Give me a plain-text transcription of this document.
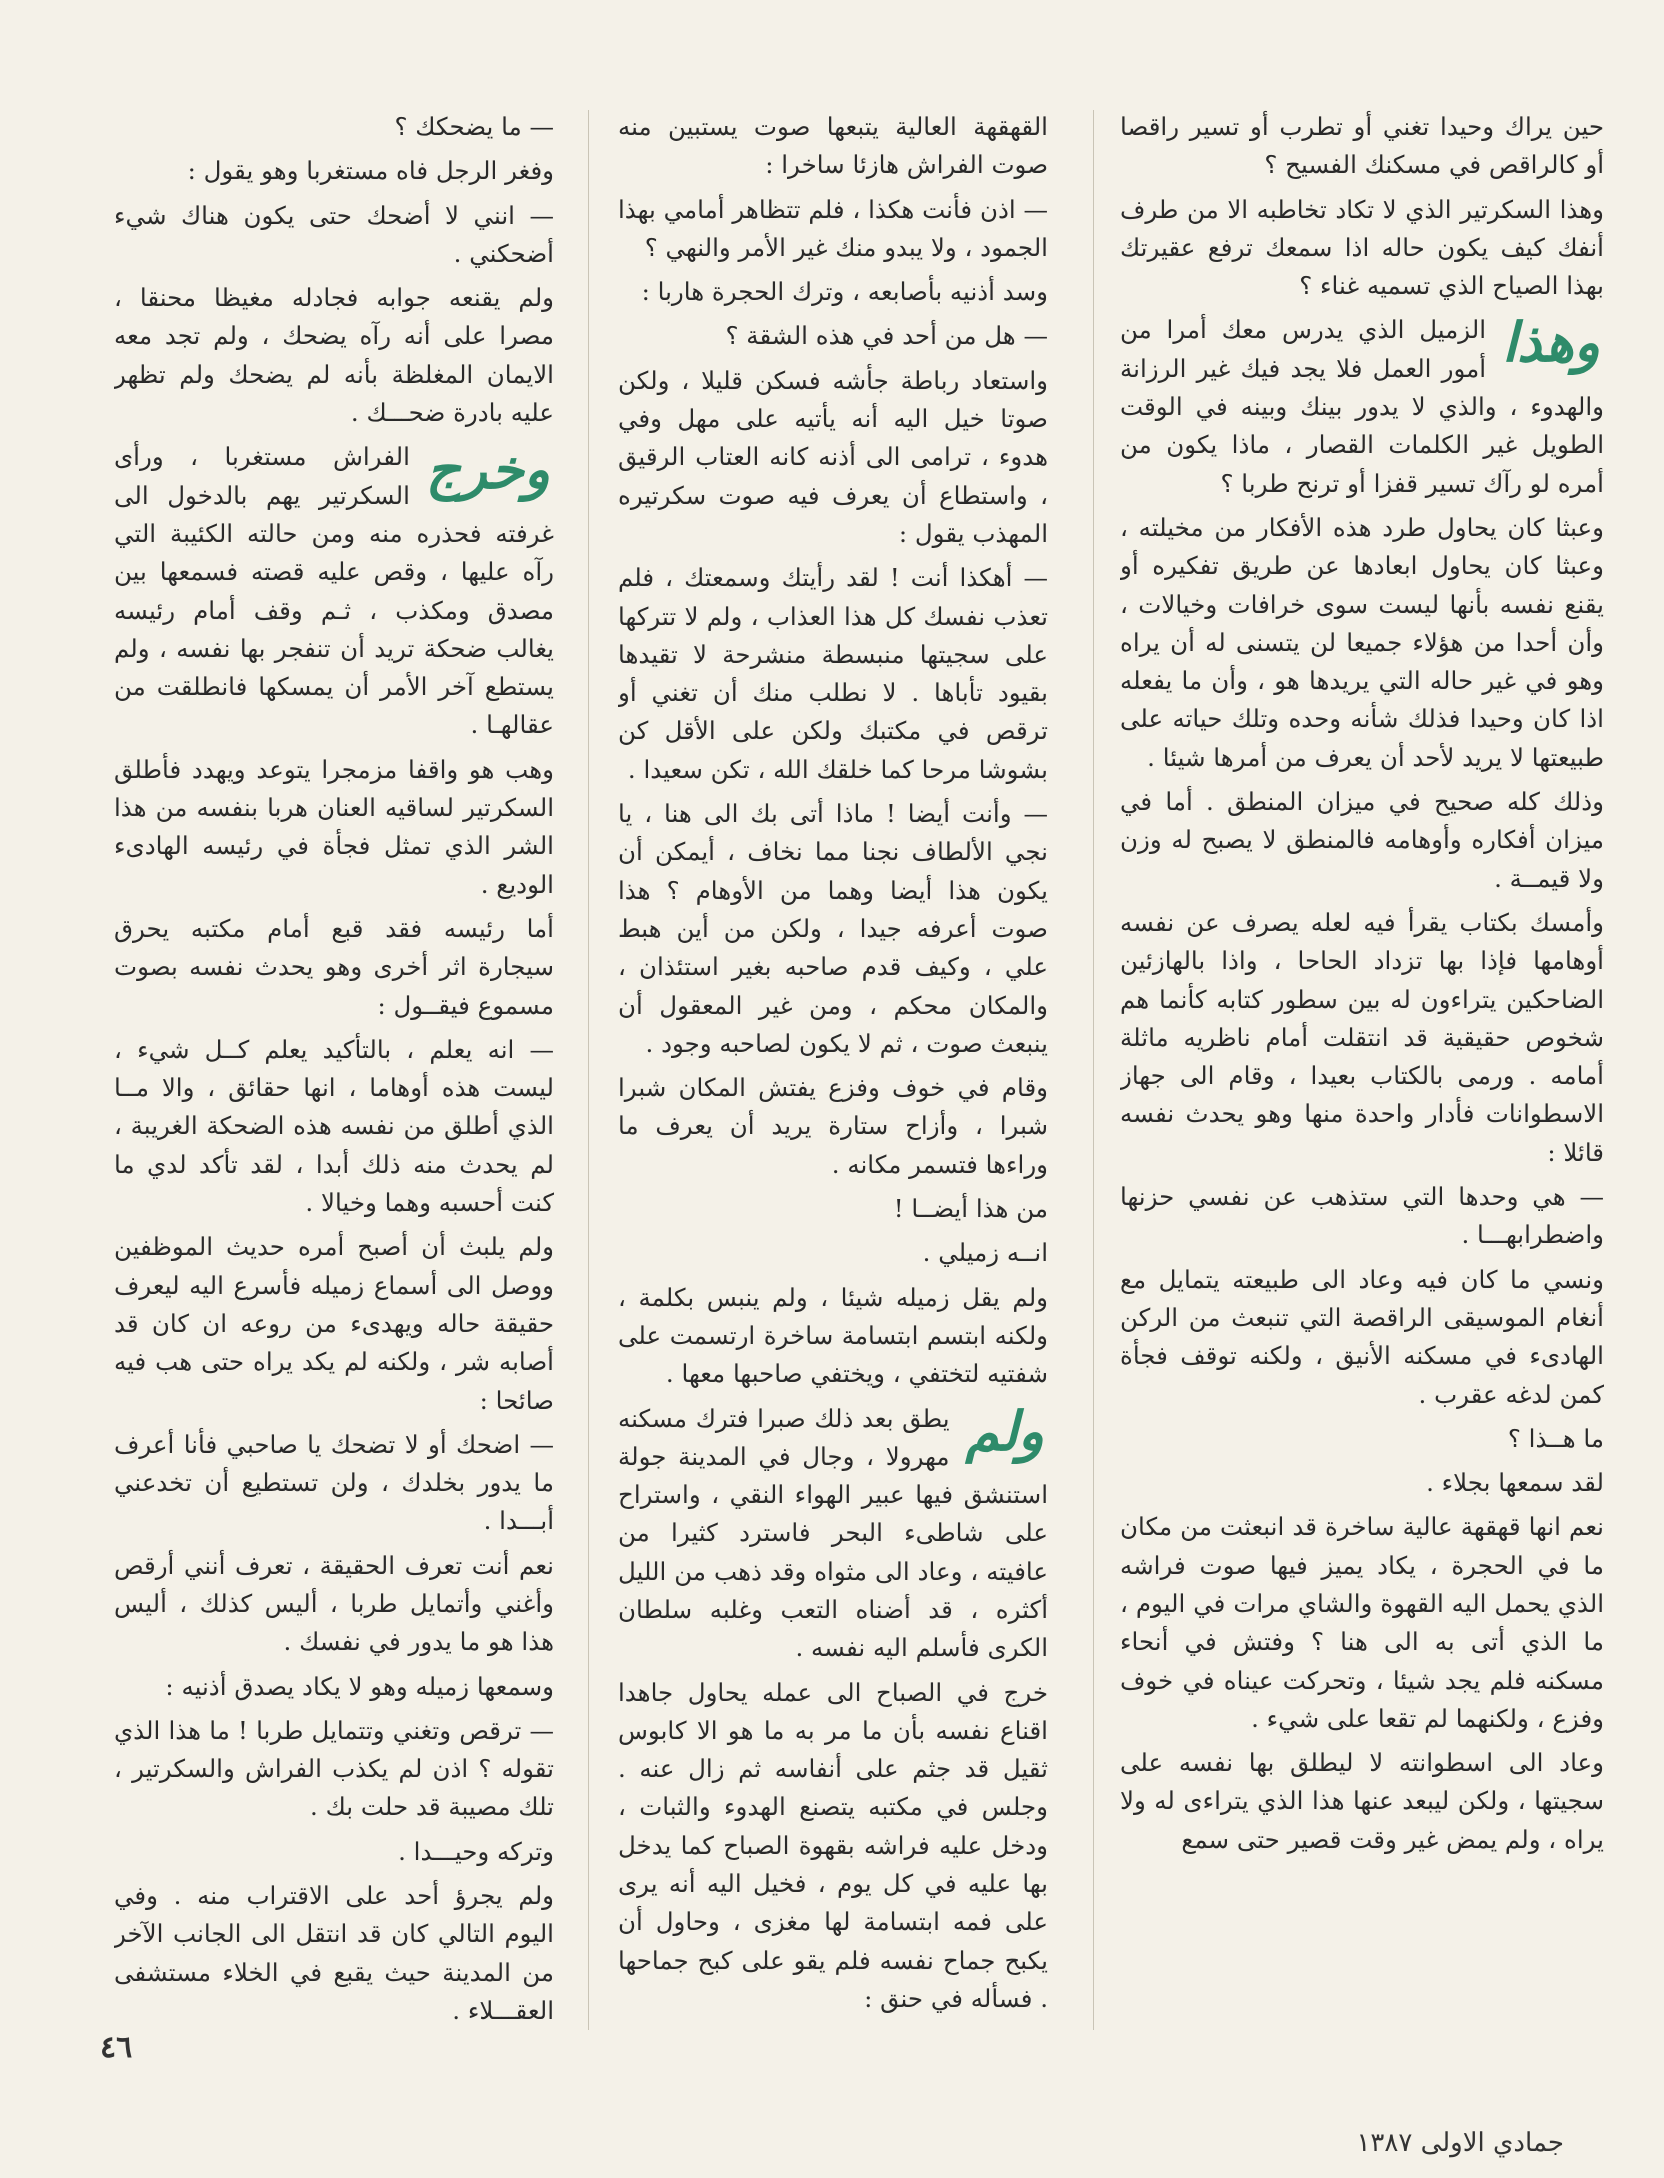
حين يراك وحيدا تغني أو تطرب أو تسير راقصا أو كالراقص في مسكنك الفسيح ؟

وهذا السكرتير الذي لا تكاد تخاطبه الا من طرف أنفك كيف يكون حاله اذا سمعك ترفع عقيرتك بهذا الصياح الذي تسميه غناء ؟

وهذا
الزميل الذي يدرس معك أمرا من أمور العمل فلا يجد فيك غير الرزانة والهدوء ، والذي لا يدور بينك وبينه في الوقت الطويل غير الكلمات القصار ، ماذا يكون من أمره لو رآك تسير قفزا أو ترنح طربا ؟

وعبثا كان يحاول طرد هذه الأفكار من مخيلته ، وعبثا كان يحاول ابعادها عن طريق تفكيره أو يقنع نفسه بأنها ليست سوى خرافات وخيالات ، وأن أحدا من هؤلاء جميعا لن يتسنى له أن يراه وهو في غير حاله التي يريدها هو ، وأن ما يفعله اذا كان وحيدا فذلك شأنه وحده وتلك حياته على طبيعتها لا يريد لأحد أن يعرف من أمرها شيئا .

وذلك كله صحيح في ميزان المنطق . أما في ميزان أفكاره وأوهامه فالمنطق لا يصبح له وزن ولا قيمــة .

وأمسك بكتاب يقرأ فيه لعله يصرف عن نفسه أوهامها فإذا بها تزداد الحاحا ، واذا بالهازئين الضاحكين يتراءون له بين سطور كتابه كأنما هم شخوص حقيقية قد انتقلت أمام ناظريه ماثلة أمامه . ورمى بالكتاب بعيدا ، وقام الى جهاز الاسطوانات فأدار واحدة منها وهو يحدث نفسه قائلا :

— هي وحدها التي ستذهب عن نفسي حزنها واضطرابهـــا .

ونسي ما كان فيه وعاد الى طبيعته يتمايل مع أنغام الموسيقى الراقصة التي تنبعث من الركن الهادىء في مسكنه الأنيق ، ولكنه توقف فجأة كمن لدغه عقرب .

ما هــذا ؟

لقد سمعها بجلاء .

نعم انها قهقهة عالية ساخرة قد انبعثت من مكان ما في الحجرة ، يكاد يميز فيها صوت فراشه الذي يحمل اليه القهوة والشاي مرات في اليوم ، ما الذي أتى به الى هنا ؟ وفتش في أنحاء مسكنه فلم يجد شيئا ، وتحركت عيناه في خوف وفزع ، ولكنهما لم تقعا على شيء .

وعاد الى اسطوانته لا ليطلق بها نفسه على سجيتها ، ولكن ليبعد عنها هذا الذي يتراءى له ولا يراه ، ولم يمض غير وقت قصير حتى سمع

القهقهة العالية يتبعها صوت يستبين منه صوت الفراش هازئا ساخرا :

— اذن فأنت هكذا ، فلم تتظاهر أمامي بهذا الجمود ، ولا يبدو منك غير الأمر والنهي ؟

وسد أذنيه بأصابعه ، وترك الحجرة هاربا :

— هل من أحد في هذه الشقة ؟

واستعاد رباطة جأشه فسكن قليلا ، ولكن صوتا خيل اليه أنه يأتيه على مهل وفي هدوء ، ترامى الى أذنه كانه العتاب الرقيق ، واستطاع أن يعرف فيه صوت سكرتيره المهذب يقول :

— أهكذا أنت ! لقد رأيتك وسمعتك ، فلم تعذب نفسك كل هذا العذاب ، ولم لا تتركها على سجيتها منبسطة منشرحة لا تقيدها بقيود تأباها . لا نطلب منك أن تغني أو ترقص في مكتبك ولكن على الأقل كن بشوشا مرحا كما خلقك الله ، تكن سعيدا .

— وأنت أيضا ! ماذا أتى بك الى هنا ، يا نجي الألطاف نجنا مما نخاف ، أيمكن أن يكون هذا أيضا وهما من الأوهام ؟ هذا صوت أعرفه جيدا ، ولكن من أين هبط علي ، وكيف قدم صاحبه بغير استئذان ، والمكان محكم ، ومن غير المعقول أن ينبعث صوت ، ثم لا يكون لصاحبه وجود .

وقام في خوف وفزع يفتش المكان شبرا شبرا ، وأزاح ستارة يريد أن يعرف ما وراءها فتسمر مكانه .

من هذا أيضــا !

انــه زميلي .

ولم يقل زميله شيئا ، ولم ينبس بكلمة ، ولكنه ابتسم ابتسامة ساخرة ارتسمت على شفتيه لتختفي ، ويختفي صاحبها معها .

ولم
يطق بعد ذلك صبرا فترك مسكنه مهرولا ، وجال في المدينة جولة استنشق فيها عبير الهواء النقي ، واستراح على شاطىء البحر فاسترد كثيرا من عافيته ، وعاد الى مثواه وقد ذهب من الليل أكثره ، قد أضناه التعب وغلبه سلطان الكرى فأسلم اليه نفسه .

خرج في الصباح الى عمله يحاول جاهدا اقناع نفسه بأن ما مر به ما هو الا كابوس ثقيل قد جثم على أنفاسه ثم زال عنه . وجلس في مكتبه يتصنع الهدوء والثبات ، ودخل عليه فراشه بقهوة الصباح كما يدخل بها عليه في كل يوم ، فخيل اليه أنه يرى على فمه ابتسامة لها مغزى ، وحاول أن يكبح جماح نفسه فلم يقو على كبح جماحها . فسأله في حنق :

— ما يضحكك ؟

وفغر الرجل فاه مستغربا وهو يقول :

— انني لا أضحك حتى يكون هناك شيء أضحكني .

ولم يقنعه جوابه فجادله مغيظا محنقا ، مصرا على أنه رآه يضحك ، ولم تجد معه الايمان المغلظة بأنه لم يضحك ولم تظهر عليه بادرة ضحـــك .

وخرج
الفراش مستغربا ، ورأى السكرتير يهم بالدخول الى غرفته فحذره منه ومن حالته الكئيبة التي رآه عليها ، وقص عليه قصته فسمعها بين مصدق ومكذب ، ثـم وقف أمام رئيسه يغالب ضحكة تريد أن تنفجر بها نفسه ، ولم يستطع آخر الأمر أن يمسكها فانطلقت من عقالهـا .

وهب هو واقفا مزمجرا يتوعد ويهدد فأطلق السكرتير لساقيه العنان هربا بنفسه من هذا الشر الذي تمثل فجأة في رئيسه الهادىء الوديع .

أما رئيسه فقد قبع أمام مكتبه يحرق سيجارة اثر أخرى وهو يحدث نفسه بصوت مسموع فيقــول :

— انه يعلم ، بالتأكيد يعلم كــل شيء ، ليست هذه أوهاما ، انها حقائق ، والا مــا الذي أطلق من نفسه هذه الضحكة الغريبة ، لم يحدث منه ذلك أبدا ، لقد تأكد لدي ما كنت أحسبه وهما وخيالا .

ولم يلبث أن أصبح أمره حديث الموظفين ووصل الى أسماع زميله فأسرع اليه ليعرف حقيقة حاله ويهدىء من روعه ان كان قد أصابه شر ، ولكنه لم يكد يراه حتى هب فيه صائحا :

— اضحك أو لا تضحك يا صاحبي فأنا أعرف ما يدور بخلدك ، ولن تستطيع أن تخدعني أبـــدا .

نعم أنت تعرف الحقيقة ، تعرف أنني أرقص وأغني وأتمايل طربا ، أليس كذلك ، أليس هذا هو ما يدور في نفسك .

وسمعها زميله وهو لا يكاد يصدق أذنيه :

— ترقص وتغني وتتمايل طربا ! ما هذا الذي تقوله ؟ اذن لم يكذب الفراش والسكرتير ، تلك مصيبة قد حلت بك .

وتركه وحيـــدا .

ولم يجرؤ أحد على الاقتراب منه . وفي اليوم التالي كان قد انتقل الى الجانب الآخر من المدينة حيث يقبع في الخلاء مستشفى العقـــلاء .

٤٦
جمادي الاولى ١٣٨٧
